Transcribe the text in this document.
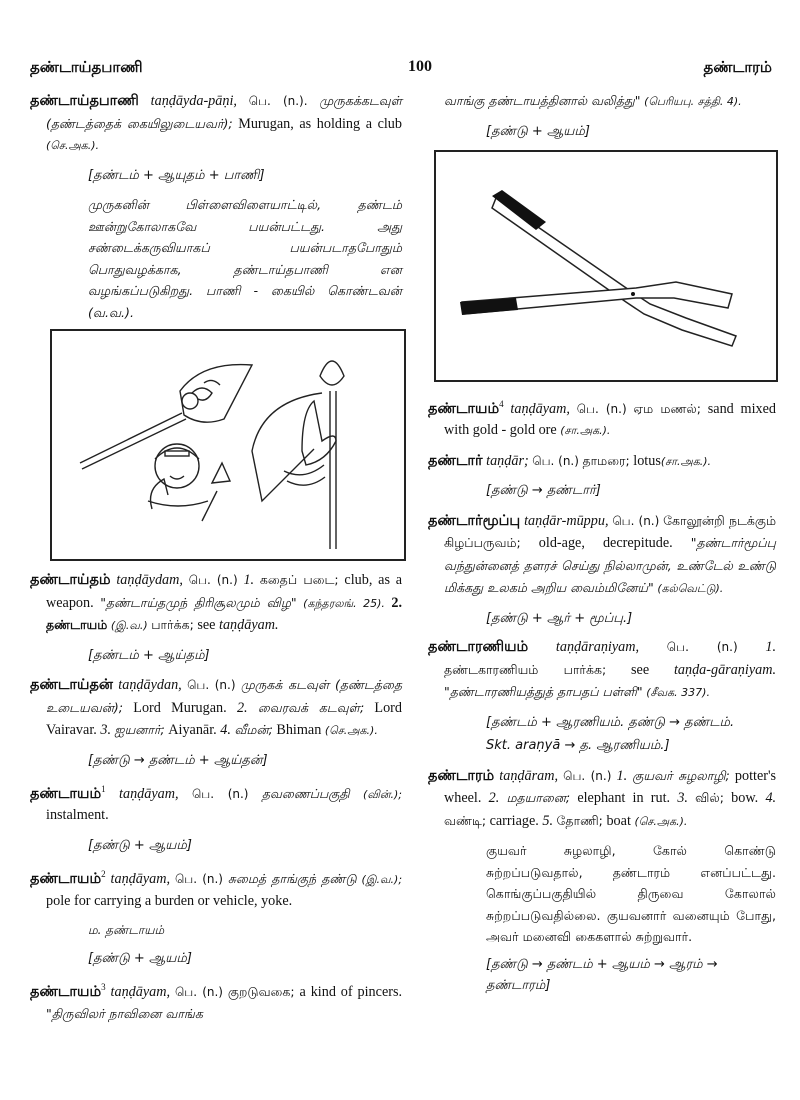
தண்டாய்தபாணி	100	தண்டாரம்

தண்டாய்தபாணி taṇḍāyda-pāṇi, பெ. (n.). முருகக்கடவுள் (தண்டத்தைக் கையிலுடையவர்); Murugan, as holding a club (செ.அக.).

[தண்டம் + ஆயுதம் + பாணி]
முருகனின் பிள்ளைவிளையாட்டில், தண்டம் ஊன்றுகோலாகவே பயன்பட்டது. அது சண்டைக்கருவியாகப் பயன்படாதபோதும் பொதுவழக்காக, தண்டாய்தபாணி என வழங்கப்படுகிறது. பாணி - கையில் கொண்டவன் (வ.வ.).

தண்டாய்தம் taṇḍāydam, பெ. (n.) 1. கதைப் படை; club, as a weapon. "தண்டாய்தமுந் திரிசூலமும் விழ" (கந்தரலங். 25). 2. தண்டாயம் (இ.வ.) பார்க்க; see taṇḍāyam.

[தண்டம் + ஆய்தம்]

தண்டாய்தன் taṇḍāydan, பெ. (n.) முருகக் கடவுள் (தண்டத்தை உடையவன்); Lord Murugan. 2. வைரவக் கடவுள்; Lord Vairavar. 3. ஐயனார்; Aiyanār. 4. வீமன்; Bhiman (செ.அக.).

[தண்டு → தண்டம் + ஆய்தன்]

தண்டாயம்$^1$ taṇḍāyam, பெ. (n.) தவணைப்பகுதி (வின்.); instalment.

[தண்டு + ஆயம்]

தண்டாயம்$^2$ taṇḍāyam, பெ. (n.) சுமைத் தாங்குந் தண்டு (இ.வ.); pole for carrying a burden or vehicle, yoke.

ம. தண்டாயம்
[தண்டு + ஆயம்]

தண்டாயம்$^3$ taṇḍāyam, பெ. (n.) குறடுவகை; a kind of pincers. "திருவிலர் நாவினை வாங்க

வாங்கு தண்டாயத்தினால் வலித்து" (பெரியபு. சத்தி. 4).

[தண்டு + ஆயம்]

தண்டாயம்$^4$ taṇḍāyam, பெ. (n.) ஏம மணல்; sand mixed with gold - gold ore (சா.அக.).

தண்டார் taṇḍār; பெ. (n.) தாமரை; lotus(சா.அக.).

[தண்டு → தண்டார்]

தண்டார்மூப்பு taṇḍār-mūppu, பெ. (n.) கோலூன்றி நடக்கும் கிழப்பருவம்; old-age, decrepitude. "தண்டார்மூப்பு வந்துன்னைத் தளரச் செய்து நில்லாமுன், உண்டேல் உண்டு மிக்கது உலகம் அறிய வைம்மினேய்" (கல்வெட்டு).

[தண்டு + ஆர் + மூப்பு.]

தண்டாரணியம் taṇḍāraṇiyam, பெ. (n.) 1. தண்டகாரணியம் பார்க்க; see taṇḍa-gāraṇiyam. "தண்டாரணியத்துத் தாபதப் பள்ளி" (சீவக. 337).

[தண்டம் + ஆரணியம். தண்டு → தண்டம்.
Skt. araṇyā → த. ஆரணியம்.]

தண்டாரம் taṇḍāram, பெ. (n.) 1. குயவர் சுழலாழி; potter's wheel. 2. மதயானை; elephant in rut. 3. வில்; bow. 4. வண்டி; carriage. 5. தோணி; boat (செ.அக.).

குயவர் சுழலாழி, கோல் கொண்டு சுற்றப்படுவதால், தண்டாரம் எனப்பட்டது. கொங்குப்பகுதியில் திருவை கோலால் சுற்றப்படுவதில்லை. குயவனார் வனையும் போது, அவர் மனைவி கைகளால் சுற்றுவார்.
[தண்டு → தண்டம் + ஆயம் → ஆரம் → தண்டாரம்]
